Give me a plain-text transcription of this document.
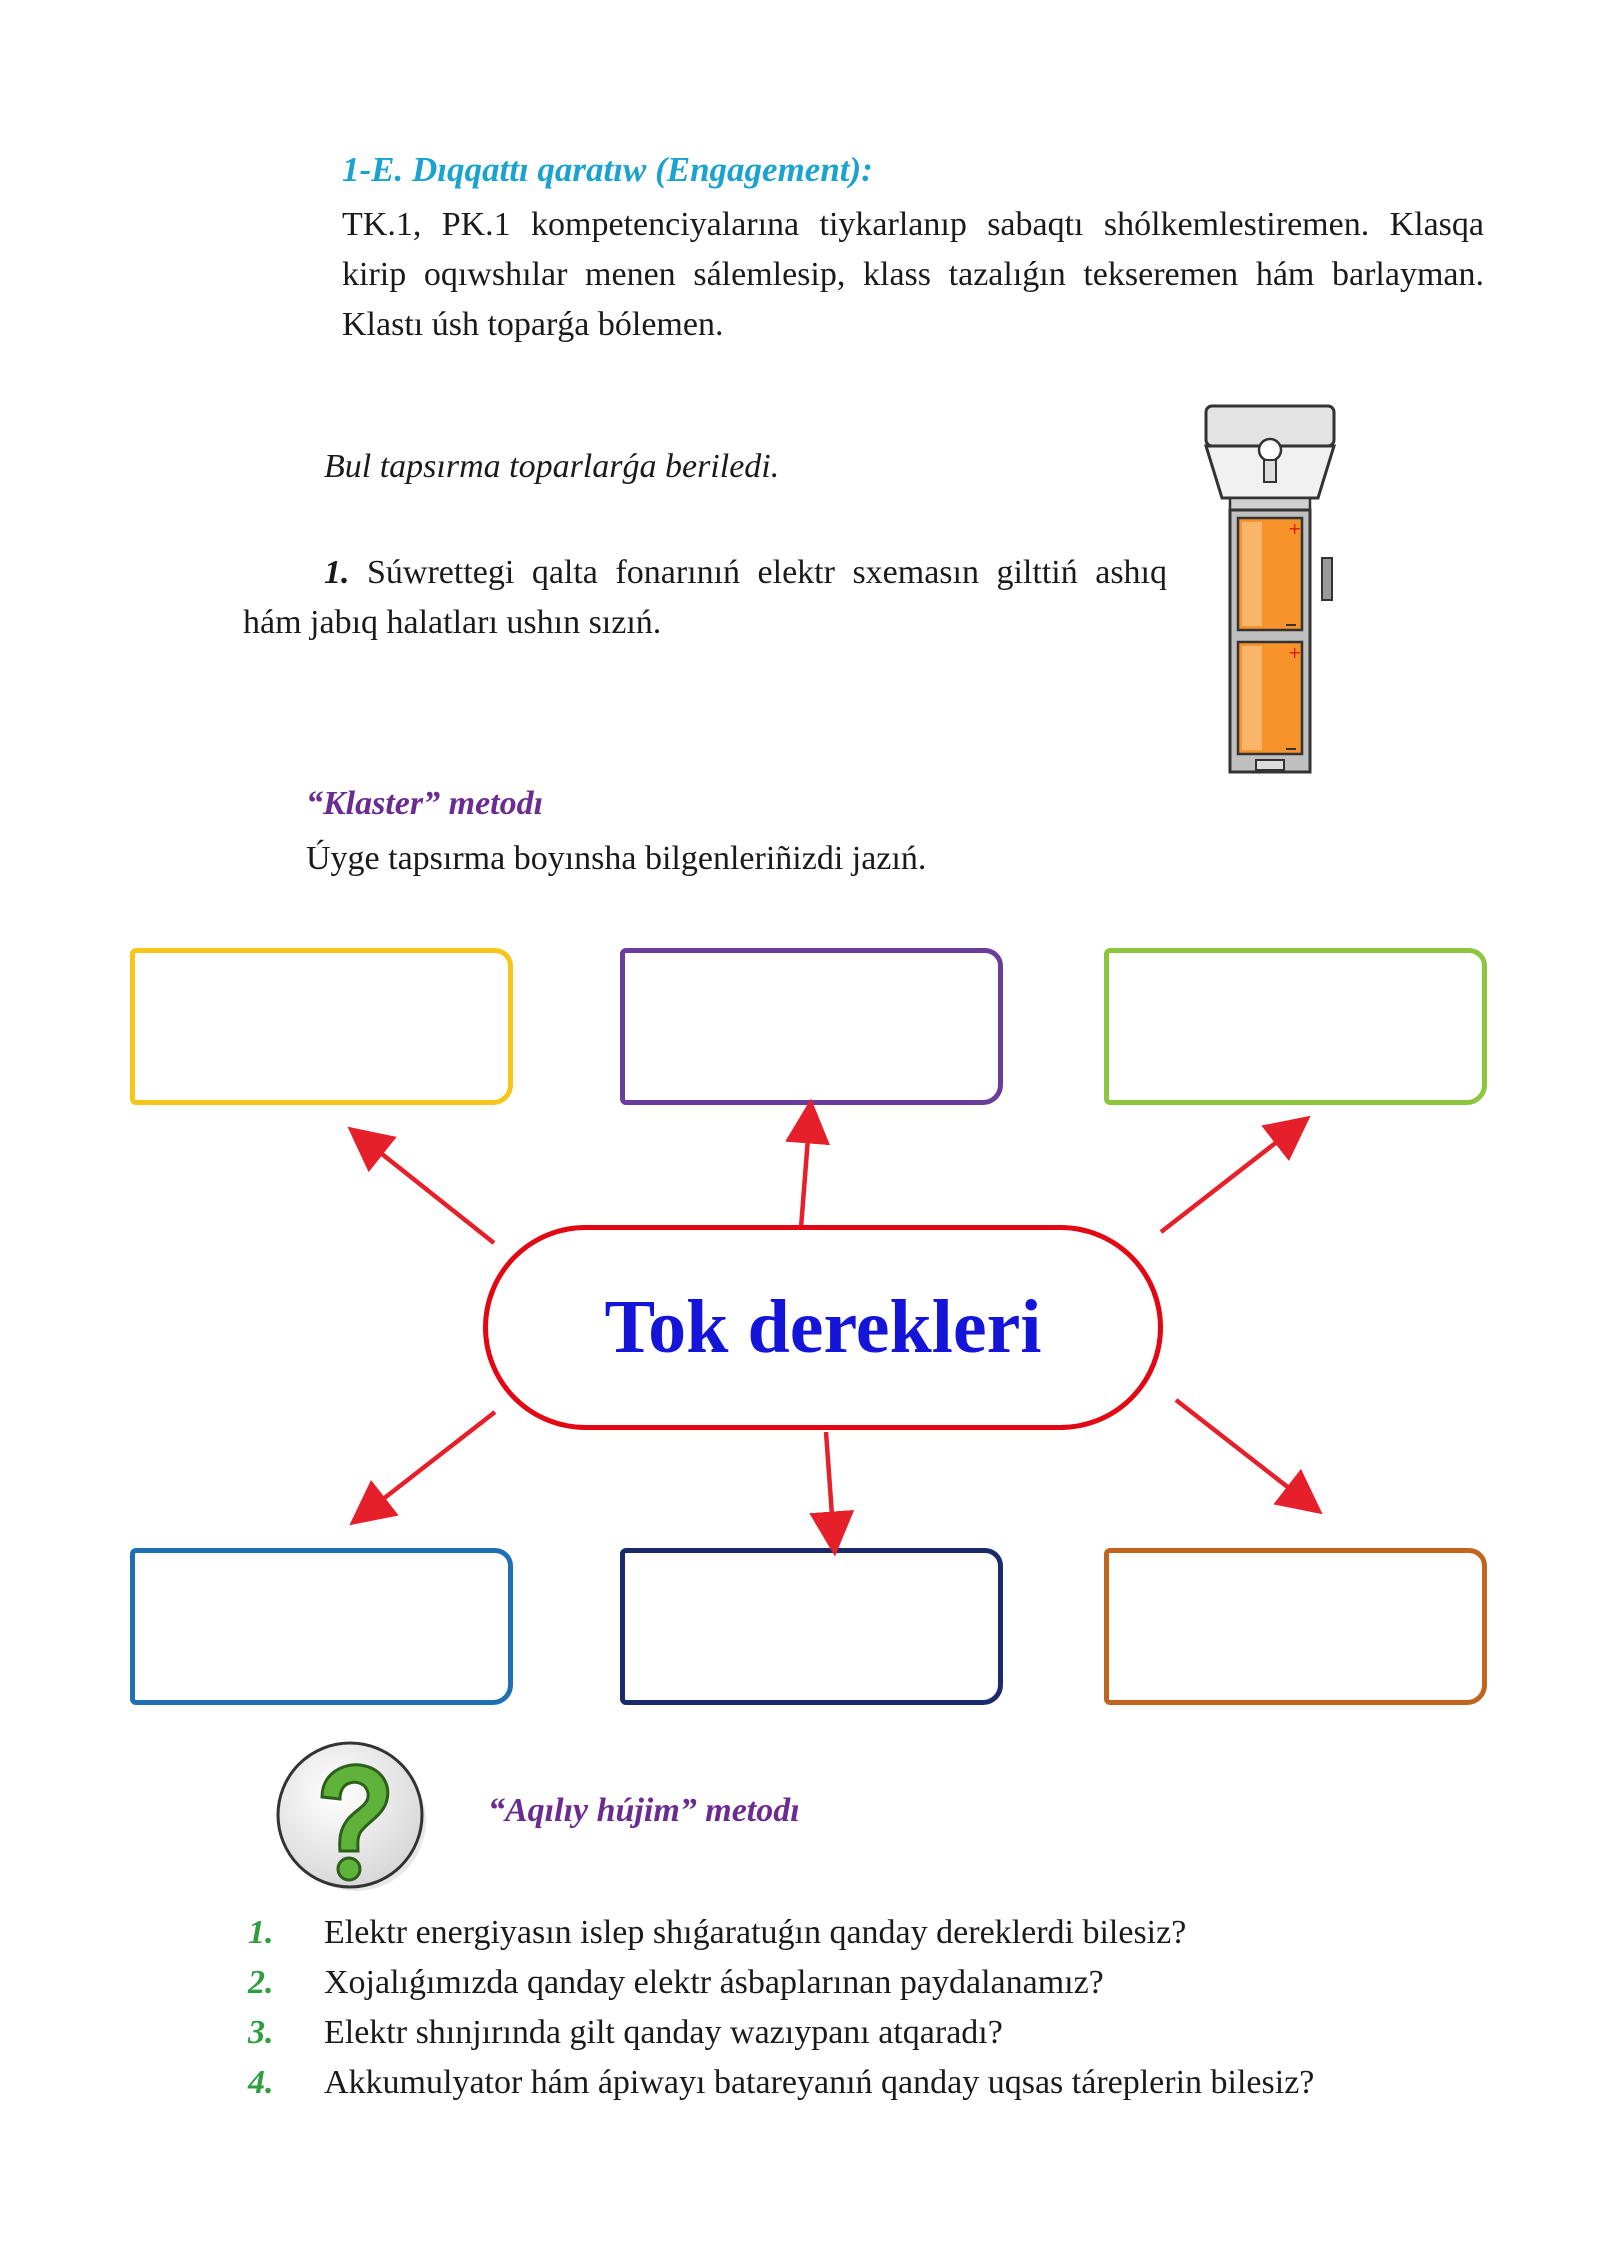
1-E. Dıqqattı qaratıw (Engagement):
TK.1, PK.1 kompetenciyalarına tiykarlanıp sabaqtı shólkemlestiremen. Klasqa kirip oqıwshılar menen sálemlesip, klass tazalıǵın tekseremen hám barlayman. Klastı úsh toparǵa bólemen.
Bul tapsırma toparlarǵa beriledi.
1. Súwrettegi qalta fonarınıń elektr sxemasın gilttiń ashıq hám jabıq halatları ushın sızıń.
+
+
“Klaster” metodı
Úyge tapsırma boyınsha bilgenleriñizdi jazıń.
Tok derekleri
“Aqılıy hújim” metodı
1.	Elektr energiyasın islep shıǵaratuǵın qanday dereklerdi bilesiz?
2.	Xojalıǵımızda qanday elektr ásbaplarınan paydalanamız?
3.	Elektr shınjırında gilt qanday wazıypanı atqaradı?
4.	Akkumulyator hám ápiwayı batareyanıń qanday uqsas tárеplerin bilesiz?
